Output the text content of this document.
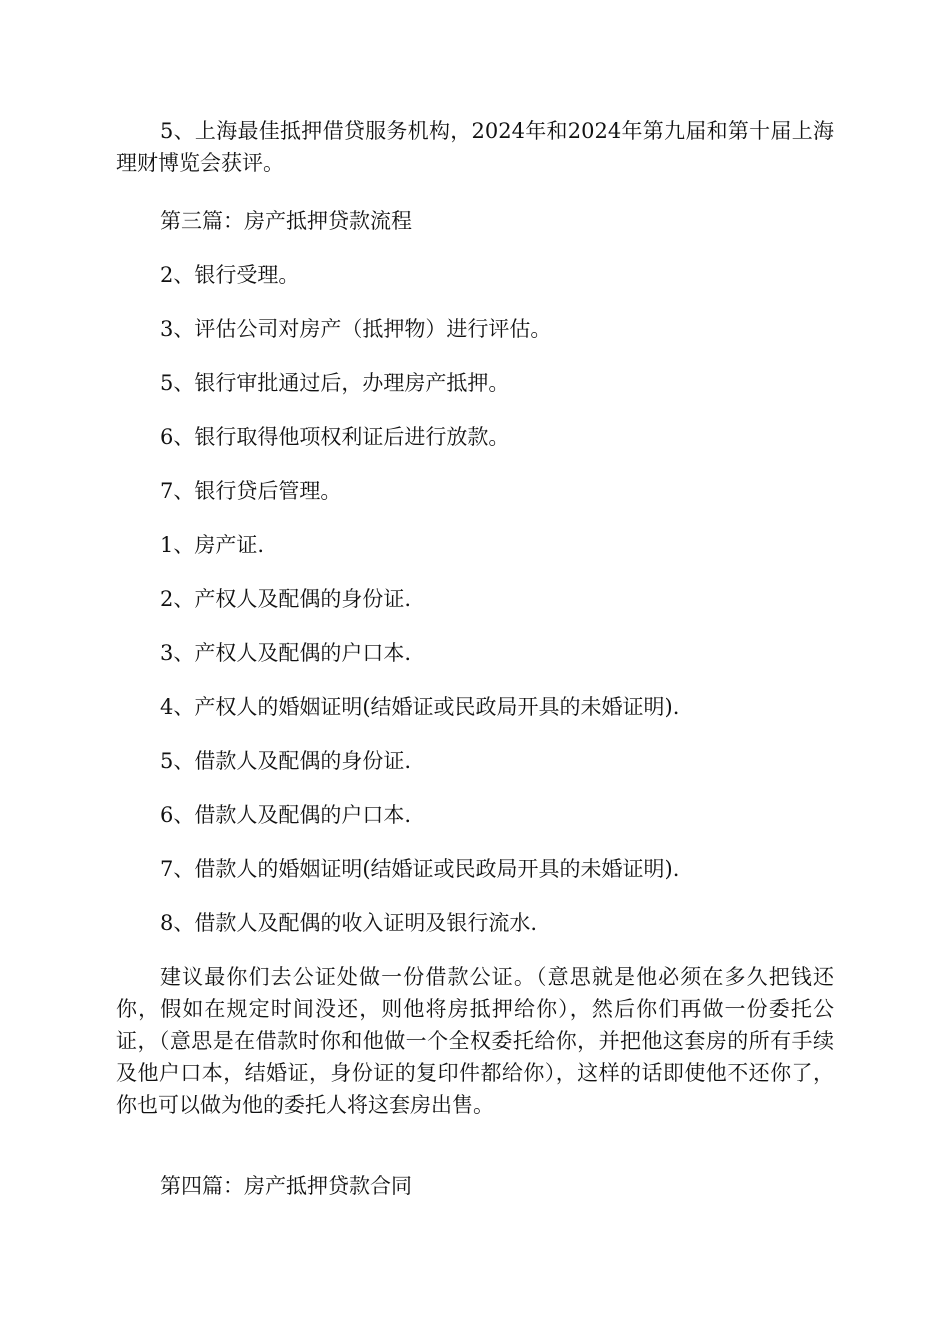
5、上海最佳抵押借贷服务机构，2024年和2024年第九届和第十届上海理财博览会获评。

第三篇：房产抵押贷款流程

2、银行受理。

3、评估公司对房产（抵押物）进行评估。

5、银行审批通过后，办理房产抵押。

6、银行取得他项权利证后进行放款。

7、银行贷后管理。

1、房产证.

2、产权人及配偶的身份证.

3、产权人及配偶的户口本.

4、产权人的婚姻证明(结婚证或民政局开具的未婚证明).

5、借款人及配偶的身份证.

6、借款人及配偶的户口本.

7、借款人的婚姻证明(结婚证或民政局开具的未婚证明).

8、借款人及配偶的收入证明及银行流水.

建议最你们去公证处做一份借款公证。（意思就是他必须在多久把钱还你，假如在规定时间没还，则他将房抵押给你），然后你们再做一份委托公证，（意思是在借款时你和他做一个全权委托给你，并把他这套房的所有手续及他户口本，结婚证，身份证的复印件都给你），这样的话即使他不还你了，你也可以做为他的委托人将这套房出售。

第四篇：房产抵押贷款合同
